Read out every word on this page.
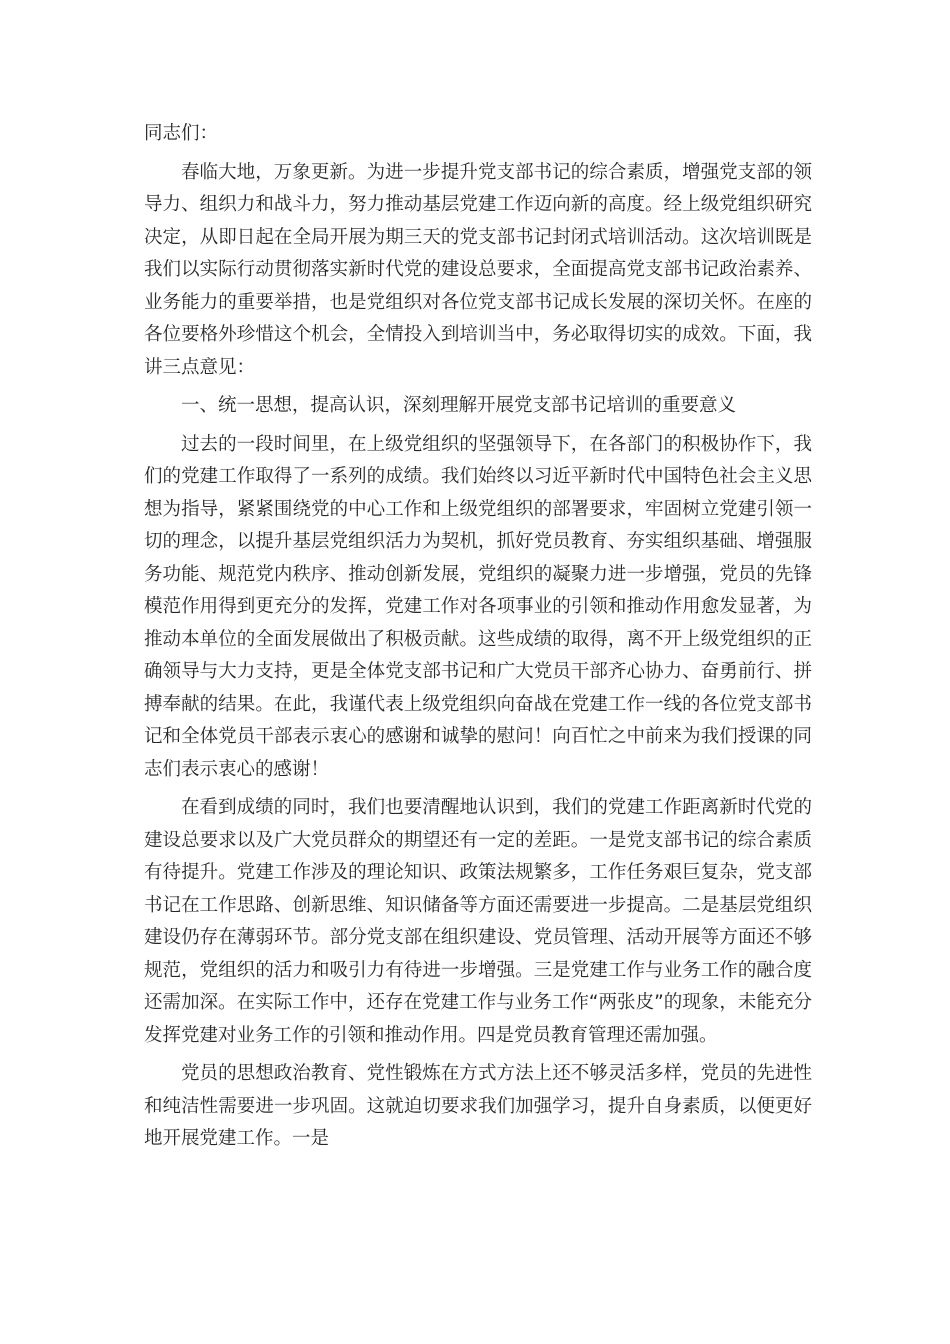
同志们：

春临大地，万象更新。为进一步提升党支部书记的综合素质，增强党支部的领导力、组织力和战斗力，努力推动基层党建工作迈向新的高度。经上级党组织研究决定，从即日起在全局开展为期三天的党支部书记封闭式培训活动。这次培训既是我们以实际行动贯彻落实新时代党的建设总要求，全面提高党支部书记政治素养、业务能力的重要举措，也是党组织对各位党支部书记成长发展的深切关怀。在座的各位要格外珍惜这个机会，全情投入到培训当中，务必取得切实的成效。下面，我讲三点意见：

一、统一思想，提高认识，深刻理解开展党支部书记培训的重要意义

过去的一段时间里，在上级党组织的坚强领导下，在各部门的积极协作下，我们的党建工作取得了一系列的成绩。我们始终以习近平新时代中国特色社会主义思想为指导，紧紧围绕党的中心工作和上级党组织的部署要求，牢固树立党建引领一切的理念，以提升基层党组织活力为契机，抓好党员教育、夯实组织基础、增强服务功能、规范党内秩序、推动创新发展，党组织的凝聚力进一步增强，党员的先锋模范作用得到更充分的发挥，党建工作对各项事业的引领和推动作用愈发显著，为推动本单位的全面发展做出了积极贡献。这些成绩的取得，离不开上级党组织的正确领导与大力支持，更是全体党支部书记和广大党员干部齐心协力、奋勇前行、拼搏奉献的结果。在此，我谨代表上级党组织向奋战在党建工作一线的各位党支部书记和全体党员干部表示衷心的感谢和诚挚的慰问！向百忙之中前来为我们授课的同志们表示衷心的感谢！

在看到成绩的同时，我们也要清醒地认识到，我们的党建工作距离新时代党的建设总要求以及广大党员群众的期望还有一定的差距。一是党支部书记的综合素质有待提升。党建工作涉及的理论知识、政策法规繁多，工作任务艰巨复杂，党支部书记在工作思路、创新思维、知识储备等方面还需要进一步提高。二是基层党组织建设仍存在薄弱环节。部分党支部在组织建设、党员管理、活动开展等方面还不够规范，党组织的活力和吸引力有待进一步增强。三是党建工作与业务工作的融合度还需加深。在实际工作中，还存在党建工作与业务工作“两张皮”的现象，未能充分发挥党建对业务工作的引领和推动作用。四是党员教育管理还需加强。

党员的思想政治教育、党性锻炼在方式方法上还不够灵活多样，党员的先进性和纯洁性需要进一步巩固。这就迫切要求我们加强学习，提升自身素质，以便更好地开展党建工作。一是
